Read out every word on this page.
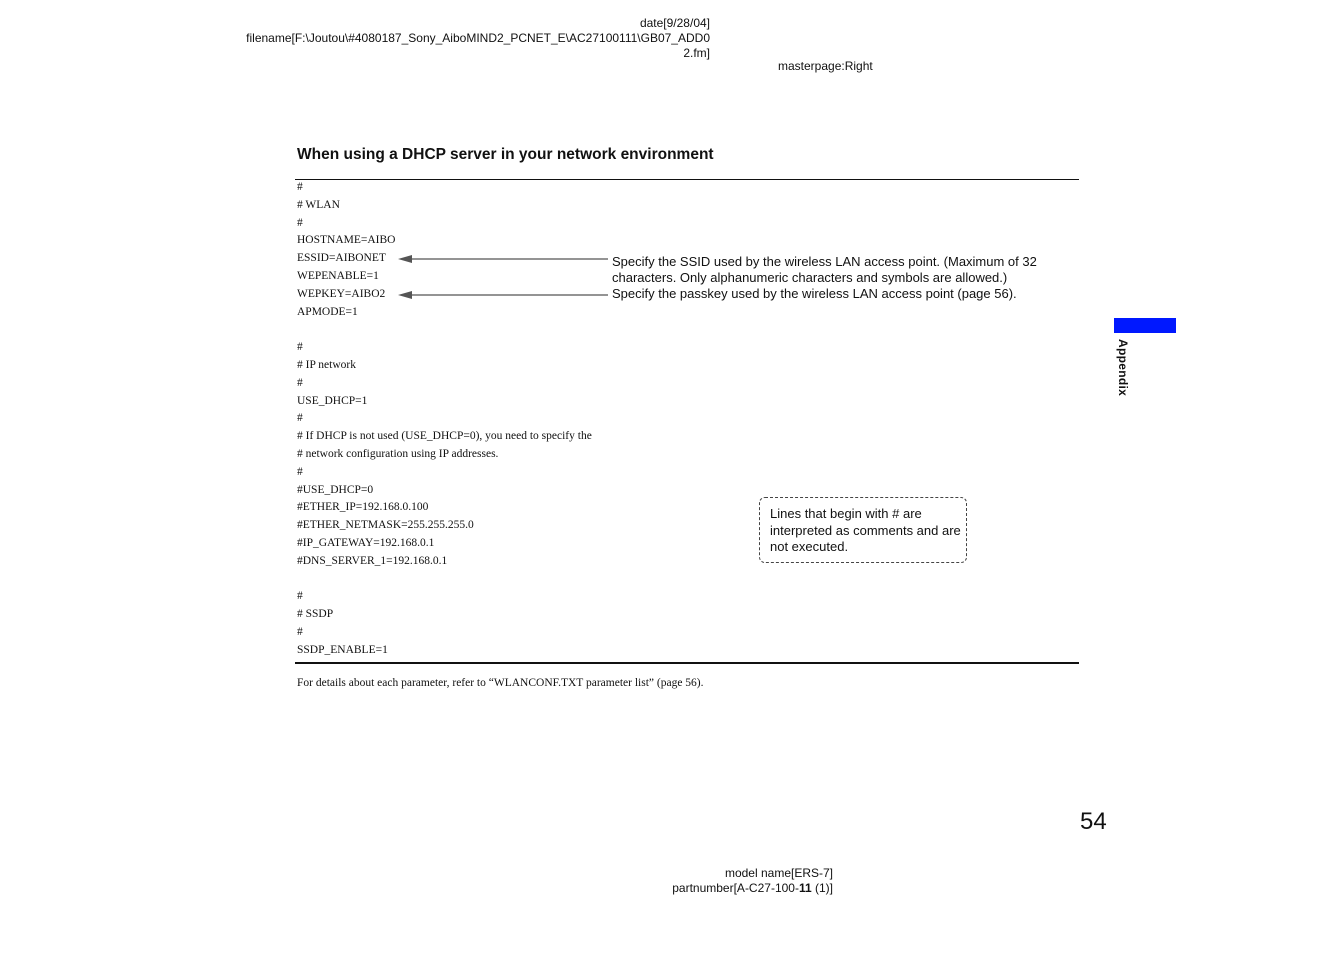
date[9/28/04]
filename[F:\Joutou\#4080187_Sony_AiboMIND2_PCNET_E\AC27100111\GB07_ADD0
2.fm]
masterpage:Right
When using a DHCP server in your network environment
#
# WLAN
#
HOSTNAME=AIBO
ESSID=AIBONET
WEPENABLE=1
WEPKEY=AIBO2
APMODE=1
#
# IP network
#
USE_DHCP=1
#
# If DHCP is not used (USE_DHCP=0), you need to specify the
# network configuration using IP addresses.
#
#USE_DHCP=0
#ETHER_IP=192.168.0.100
#ETHER_NETMASK=255.255.255.0
#IP_GATEWAY=192.168.0.1
#DNS_SERVER_1=192.168.0.1
#
# SSDP
#
SSDP_ENABLE=1
Specify the SSID used by the wireless LAN access point. (Maximum of 32 characters. Only alphanumeric characters and symbols are allowed.)
Specify the passkey used by the wireless LAN access point (page 56).
Lines that begin with # are interpreted as comments and are not executed.
For details about each parameter, refer to “WLANCONF.TXT parameter list” (page 56).
Appendix
54
model name[ERS-7]
partnumber[A-C27-100-11 (1)]
